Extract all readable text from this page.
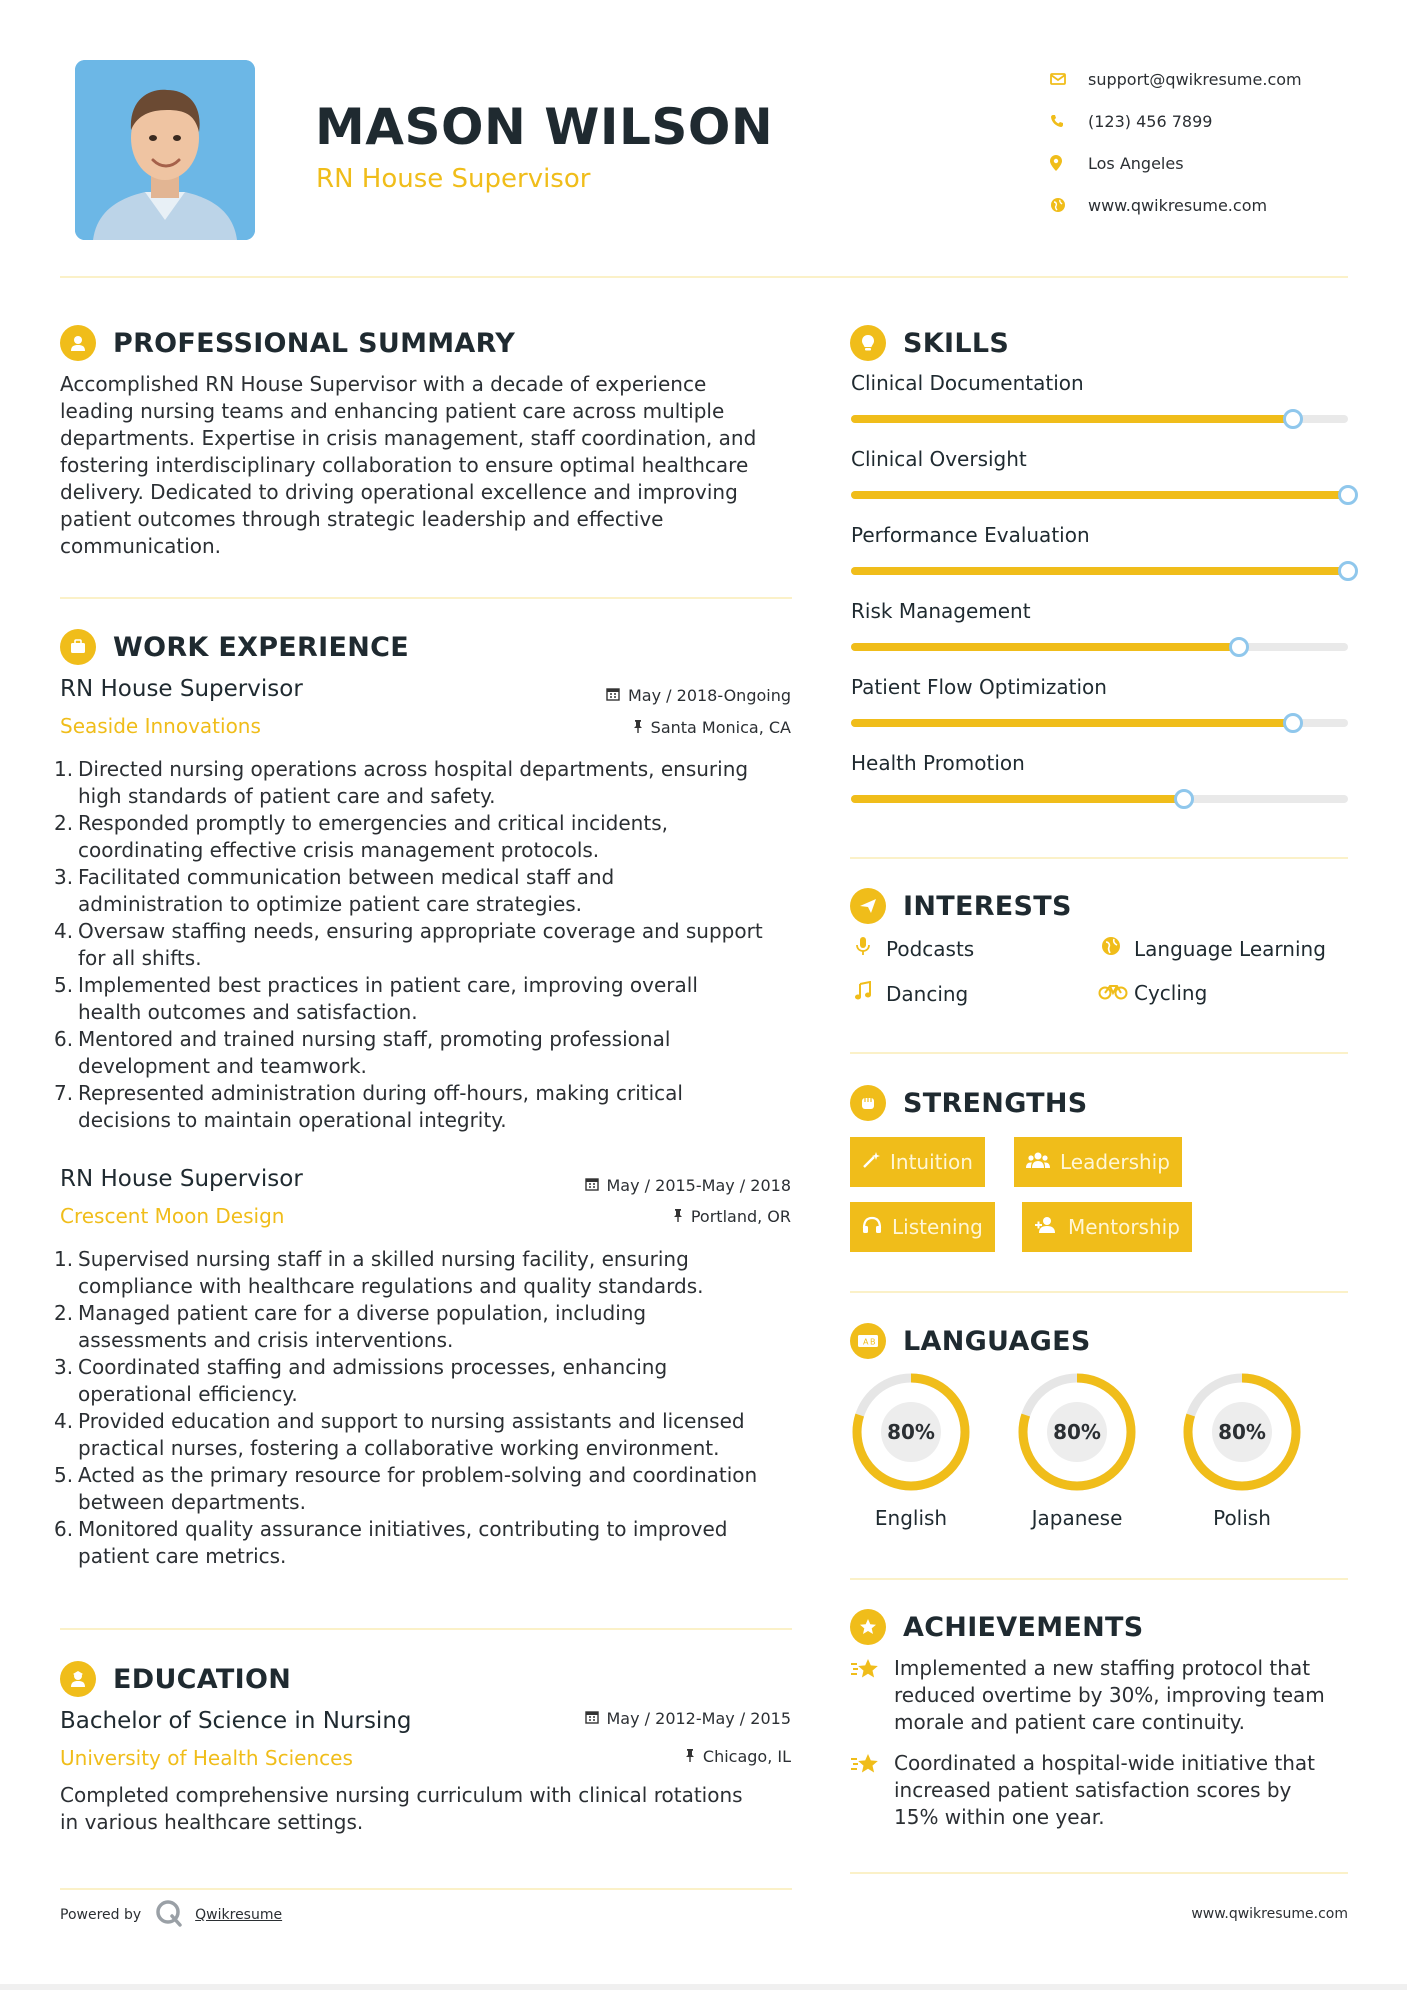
MASON WILSON
RN House Supervisor
support@qwikresume.com
(123) 456 7899
Los Angeles
www.qwikresume.com
PROFESSIONAL SUMMARY
Accomplished RN House Supervisor with a decade of experience
leading nursing teams and enhancing patient care across multiple
departments. Expertise in crisis management, staff coordination, and
fostering interdisciplinary collaboration to ensure optimal healthcare
delivery. Dedicated to driving operational excellence and improving
patient outcomes through strategic leadership and effective
communication.
WORK EXPERIENCE
RN House Supervisor
Seaside Innovations
May / 2018-Ongoing
Santa Monica, CA
1. Directed nursing operations across hospital departments, ensuring
high standards of patient care and safety.
2. Responded promptly to emergencies and critical incidents,
coordinating effective crisis management protocols.
3. Facilitated communication between medical staff and
administration to optimize patient care strategies.
4. Oversaw staffing needs, ensuring appropriate coverage and support
for all shifts.
5. Implemented best practices in patient care, improving overall
health outcomes and satisfaction.
6. Mentored and trained nursing staff, promoting professional
development and teamwork.
7. Represented administration during off-hours, making critical
decisions to maintain operational integrity.
RN House Supervisor
Crescent Moon Design
May / 2015-May / 2018
Portland, OR
1. Supervised nursing staff in a skilled nursing facility, ensuring
compliance with healthcare regulations and quality standards.
2. Managed patient care for a diverse population, including
assessments and crisis interventions.
3. Coordinated staffing and admissions processes, enhancing
operational efficiency.
4. Provided education and support to nursing assistants and licensed
practical nurses, fostering a collaborative working environment.
5. Acted as the primary resource for problem-solving and coordination
between departments.
6. Monitored quality assurance initiatives, contributing to improved
patient care metrics.
EDUCATION
Bachelor of Science in Nursing
University of Health Sciences
May / 2012-May / 2015
Chicago, IL
Completed comprehensive nursing curriculum with clinical rotations
in various healthcare settings.
SKILLS
Clinical Documentation
Clinical Oversight
Performance Evaluation
Risk Management
Patient Flow Optimization
Health Promotion
INTERESTS
Podcasts	Language Learning
Dancing	Cycling
STRENGTHS
Intuition	Leadership
Listening	Mentorship
A B LANGUAGES
80%
English
80%
Japanese
80%
Polish
ACHIEVEMENTS
Implemented a new staffing protocol that
reduced overtime by 30%, improving team
morale and patient care continuity.
Coordinated a hospital-wide initiative that
increased patient satisfaction scores by
15% within one year.
Powered by	Qwikresume	www.qwikresume.com
